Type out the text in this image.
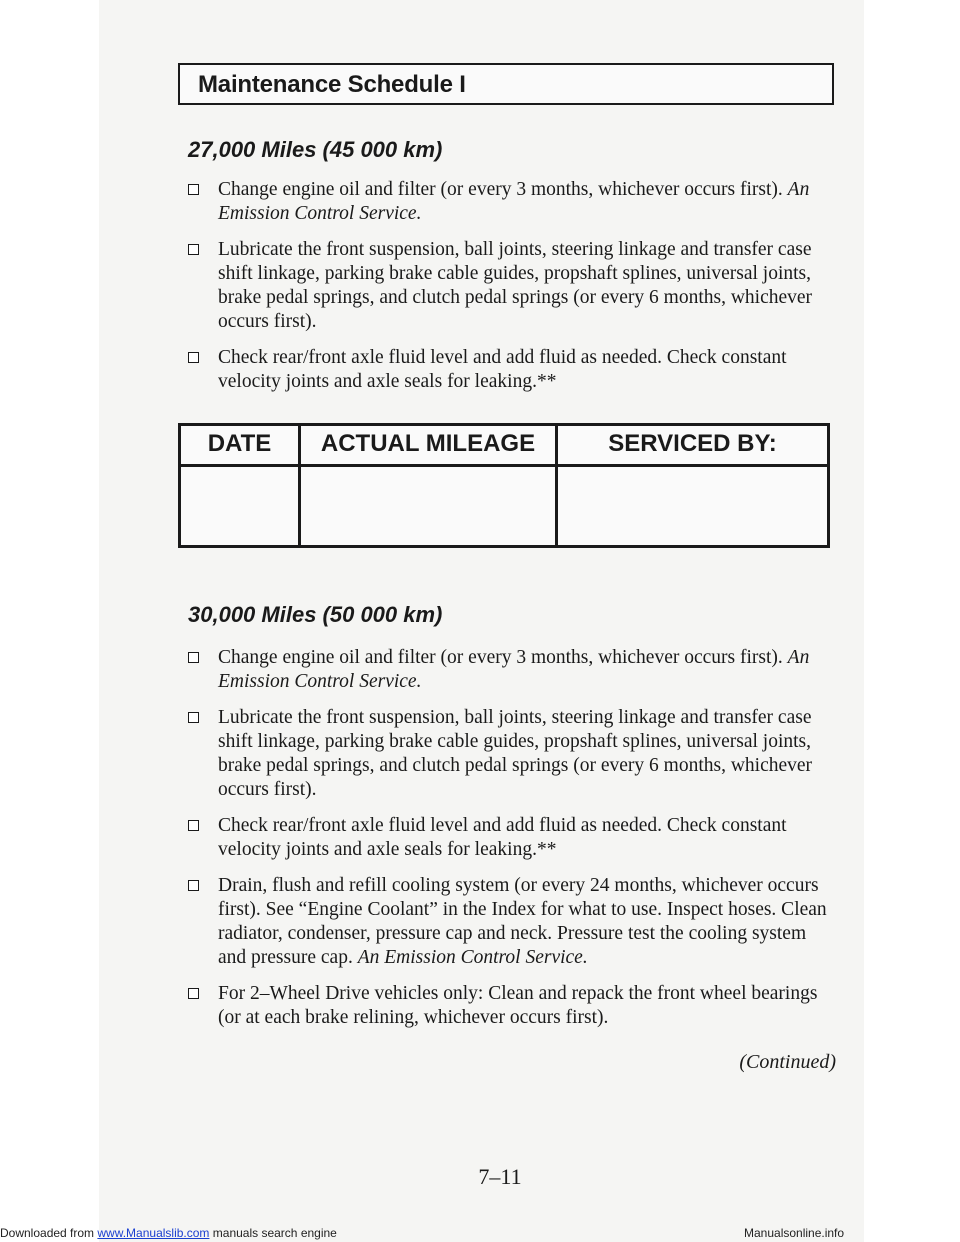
Maintenance Schedule I
27,000 Miles (45 000 km)
Change engine oil and filter (or every 3 months, whichever occurs first). An Emission Control Service.
Lubricate the front suspension, ball joints, steering linkage and transfer case shift linkage, parking brake cable guides, propshaft splines, universal joints, brake pedal springs, and clutch pedal springs (or every 6 months, whichever occurs first).
Check rear/front axle fluid level and add fluid as needed. Check constant velocity joints and axle seals for leaking.**
DATE	ACTUAL MILEAGE	SERVICED BY:
30,000 Miles (50 000 km)
Change engine oil and filter (or every 3 months, whichever occurs first). An Emission Control Service.
Lubricate the front suspension, ball joints, steering linkage and transfer case shift linkage, parking brake cable guides, propshaft splines, universal joints, brake pedal springs, and clutch pedal springs (or every 6 months, whichever occurs first).
Check rear/front axle fluid level and add fluid as needed. Check constant velocity joints and axle seals for leaking.**
Drain, flush and refill cooling system (or every 24 months, whichever occurs first). See “Engine Coolant” in the Index for what to use. Inspect hoses. Clean radiator, condenser, pressure cap and neck. Pressure test the cooling system and pressure cap. An Emission Control Service.
For 2–Wheel Drive vehicles only: Clean and repack the front wheel bearings (or at each brake relining, whichever occurs first).
(Continued)
7–11
Downloaded from www.Manualslib.com manuals search engine	Manualsonline.info
